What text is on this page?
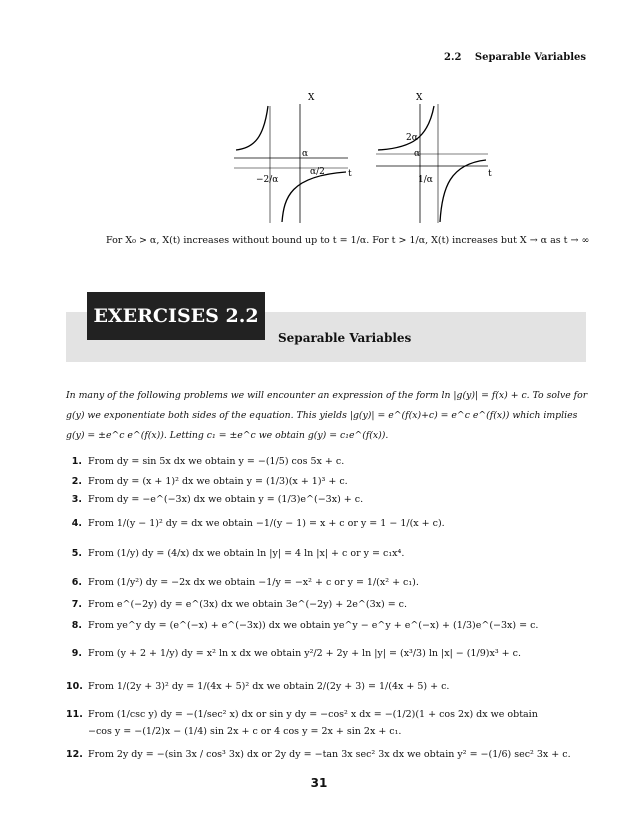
2.2 Separable Variables
X
t
α
α/2
−2/α
X
t
2α
α
1/α
For X₀ > α, X(t) increases without bound up to t = 1/α. For t > 1/α, X(t) increases but X → α as t → ∞
EXERCISES 2.2
Separable Variables
In many of the following problems we will encounter an expression of the form ln |g(y)| = f(x) + c. To solve for g(y) we exponentiate both sides of the equation. This yields |g(y)| = e^(f(x)+c) = e^c e^(f(x)) which implies g(y) = ±e^c e^(f(x)). Letting c₁ = ±e^c we obtain g(y) = c₁e^(f(x)).
1. From dy = sin 5x dx we obtain y = −(1/5) cos 5x + c.
2. From dy = (x + 1)² dx we obtain y = (1/3)(x + 1)³ + c.
3. From dy = −e^(−3x) dx we obtain y = (1/3)e^(−3x) + c.
4. From 1/(y − 1)² dy = dx we obtain −1/(y − 1) = x + c or y = 1 − 1/(x + c).
5. From (1/y) dy = (4/x) dx we obtain ln |y| = 4 ln |x| + c or y = c₁x⁴.
6. From (1/y²) dy = −2x dx we obtain −1/y = −x² + c or y = 1/(x² + c₁).
7. From e^(−2y) dy = e^(3x) dx we obtain 3e^(−2y) + 2e^(3x) = c.
8. From ye^y dy = (e^(−x) + e^(−3x)) dx we obtain ye^y − e^y + e^(−x) + (1/3)e^(−3x) = c.
9. From (y + 2 + 1/y) dy = x² ln x dx we obtain y²/2 + 2y + ln |y| = (x³/3) ln |x| − (1/9)x³ + c.
10. From 1/(2y + 3)² dy = 1/(4x + 5)² dx we obtain 2/(2y + 3) = 1/(4x + 5) + c.
11. From (1/csc y) dy = −(1/sec² x) dx or sin y dy = −cos² x dx = −(1/2)(1 + cos 2x) dx we obtain
−cos y = −(1/2)x − (1/4) sin 2x + c or 4 cos y = 2x + sin 2x + c₁.
12. From 2y dy = −(sin 3x / cos³ 3x) dx or 2y dy = −tan 3x sec² 3x dx we obtain y² = −(1/6) sec² 3x + c.
31
